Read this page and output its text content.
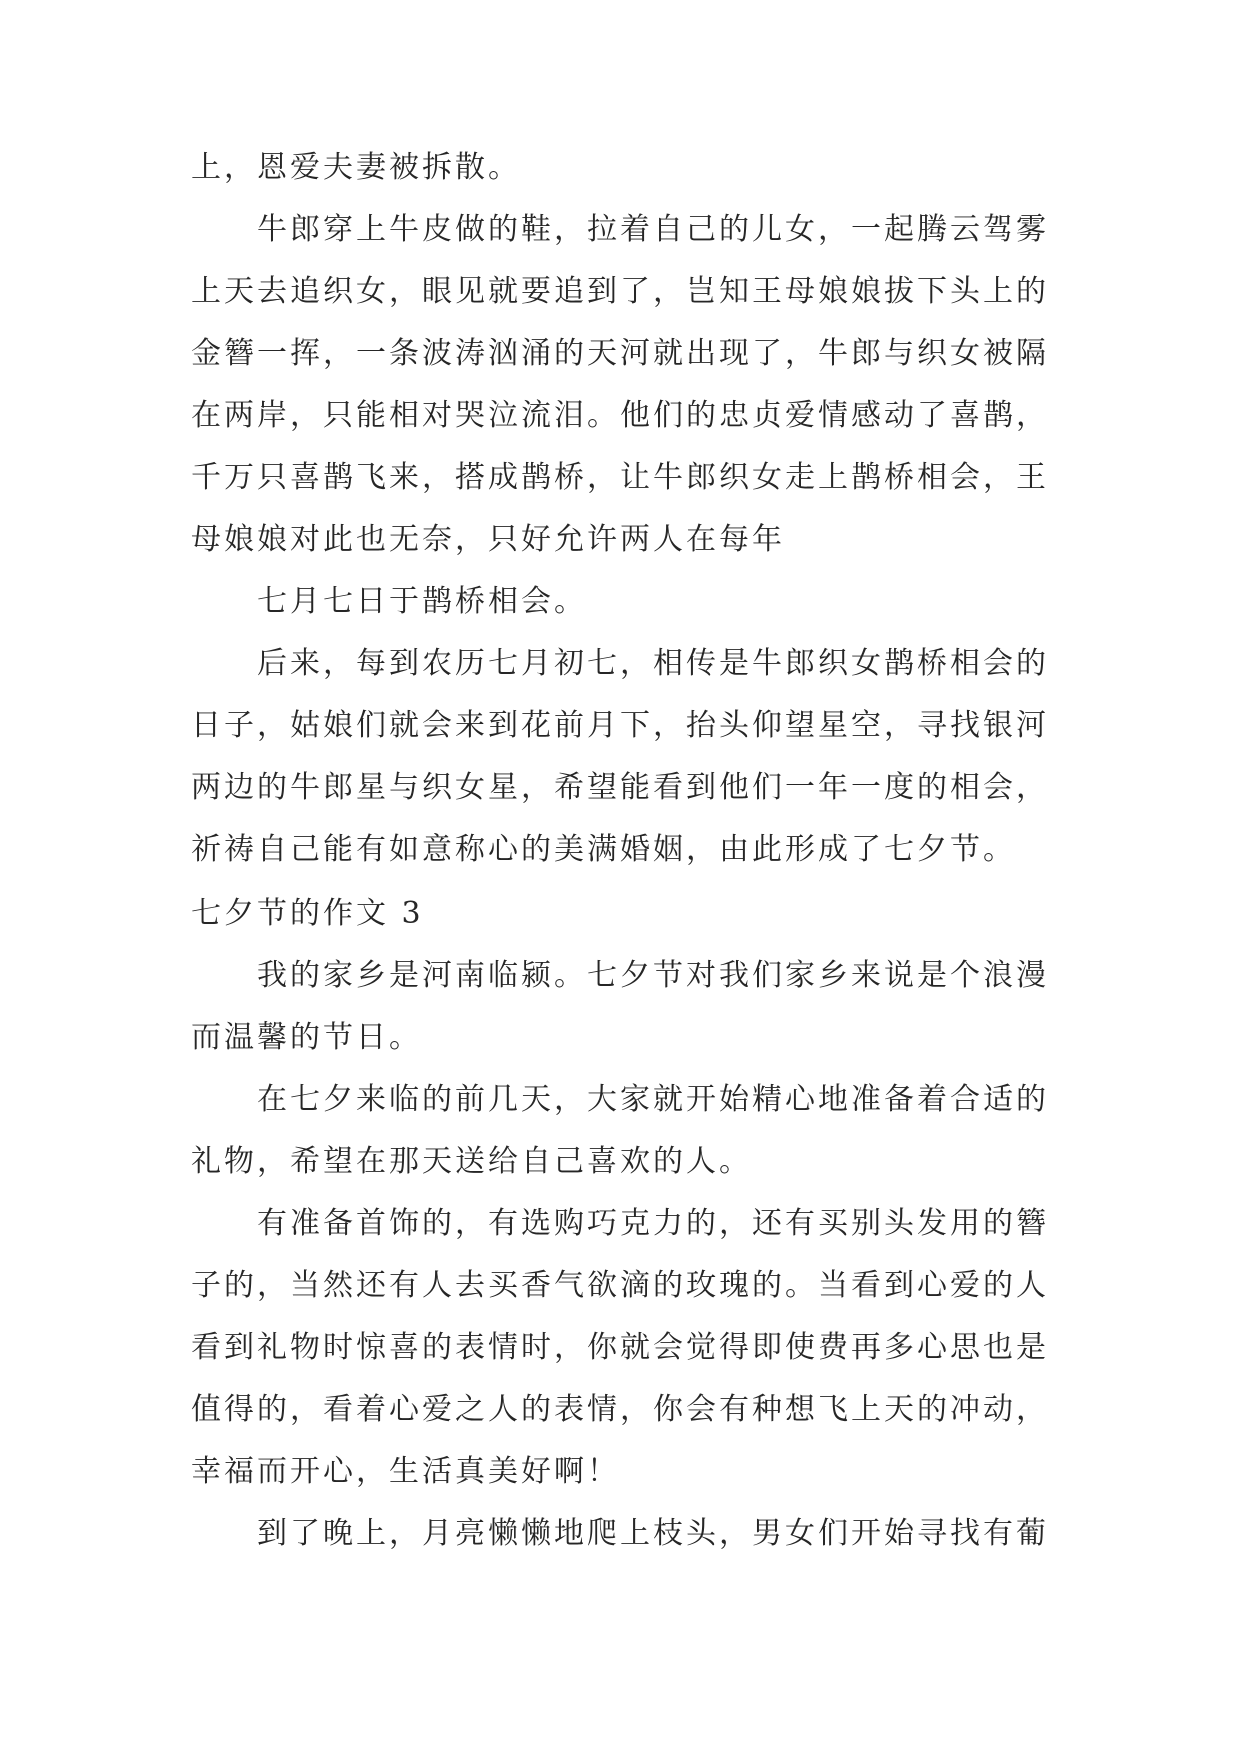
上，恩爱夫妻被拆散。

牛郎穿上牛皮做的鞋，拉着自己的儿女，一起腾云驾雾上天去追织女，眼见就要追到了，岂知王母娘娘拔下头上的金簪一挥，一条波涛汹涌的天河就出现了，牛郎与织女被隔在两岸，只能相对哭泣流泪。他们的忠贞爱情感动了喜鹊，千万只喜鹊飞来，搭成鹊桥，让牛郎织女走上鹊桥相会，王母娘娘对此也无奈，只好允许两人在每年

七月七日于鹊桥相会。

后来，每到农历七月初七，相传是牛郎织女鹊桥相会的日子，姑娘们就会来到花前月下，抬头仰望星空，寻找银河两边的牛郎星与织女星，希望能看到他们一年一度的相会，祈祷自己能有如意称心的美满婚姻，由此形成了七夕节。

七夕节的作文 3

我的家乡是河南临颍。七夕节对我们家乡来说是个浪漫而温馨的节日。

在七夕来临的前几天，大家就开始精心地准备着合适的礼物，希望在那天送给自己喜欢的人。

有准备首饰的，有选购巧克力的，还有买别头发用的簪子的，当然还有人去买香气欲滴的玫瑰的。当看到心爱的人看到礼物时惊喜的表情时，你就会觉得即使费再多心思也是值得的，看着心爱之人的表情，你会有种想飞上天的冲动，幸福而开心，生活真美好啊！

到了晚上，月亮懒懒地爬上枝头，男女们开始寻找有葡
